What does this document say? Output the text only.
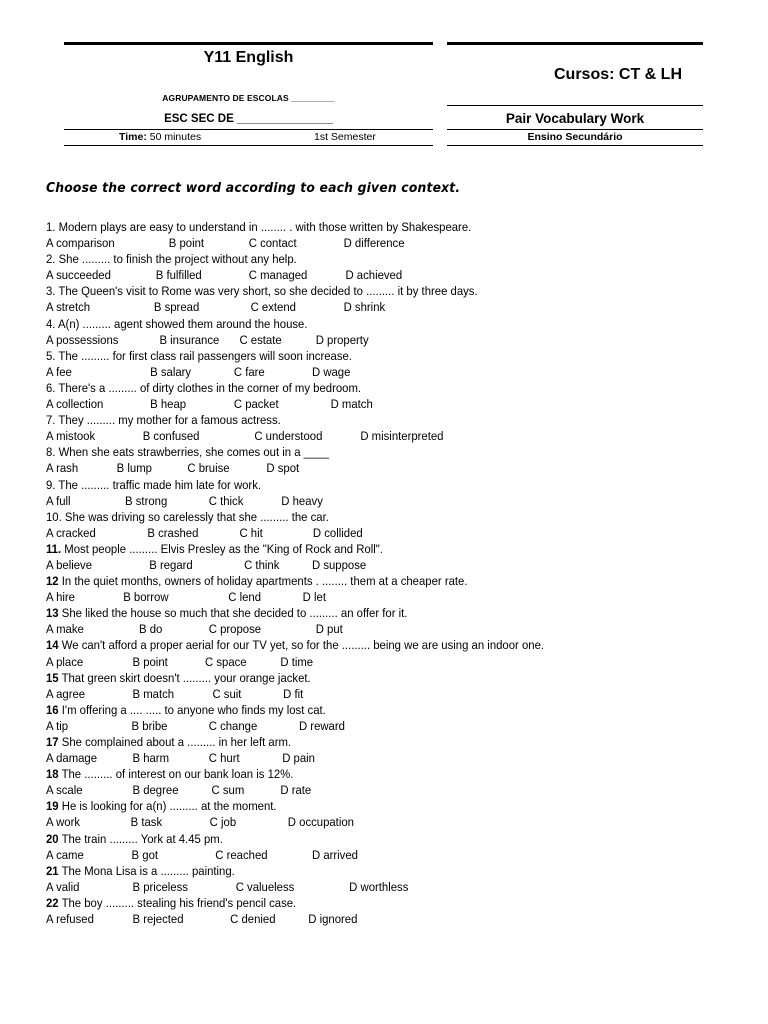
Y11 English
AGRUPAMENTO DE ESCOLAS _________
ESC SEC DE _______________
Time: 50 minutes	1st Semester
Cursos: CT & LH
Pair Vocabulary Work
Ensino Secundário
Choose the correct word according to each given context.
1. Modern plays are easy to understand in ........ . with those written by Shakespeare.
A comparison	B point	C contact	D difference
2. She ......... to finish the project without any help.
A succeeded	B fulfilled	C managed	D achieved
3. The Queen's visit to Rome was very short, so she decided to ......... it by three days.
A stretch	B spread	C extend	D shrink
4. A(n) ......... agent showed them around the house.
A possessions	B insurance C estate	D property
5. The ......... for first class rail passengers will soon increase.
A fee	B salary	C fare	D wage
6. There's a ......... of dirty clothes in the corner of my bedroom.
A collection	B heap	C packet	D match
7. They ......... my mother for a famous actress.
A mistook	B confused	C understood	D misinterpreted
8. When she eats strawberries, she comes out in a ____
A rash	B lump	C bruise	D spot
9. The ......... traffic made him late for work.
A full	B strong	C thick	D heavy
10. She was driving so carelessly that she ......... the car.
A cracked	B crashed	C hit	D collided
11. Most people ......... Elvis Presley as the "King of Rock and Roll".
A believe	B regard	C think	D suppose
12 In the quiet months, owners of holiday apartments . ........ them at a cheaper rate.
A hire	B borrow	C lend	D let
13 She liked the house so much that she decided to ......... an offer for it.
A make	B do	C propose	D put
14 We can't afford a proper aerial for our TV yet, so for the ......... being we are using an indoor one.
A place	B point	C space	D time
15 That green skirt doesn't ......... your orange jacket.
A agree	B match	C suit	D fit
16 I'm offering a .... ..... to anyone who finds my lost cat.
A tip	B bribe	C change	D reward
17 She complained about a ......... in her left arm.
A damage	B harm	C hurt	D pain
18 The ......... of interest on our bank loan is 12%.
A scale	B degree	C sum	D rate
19 He is looking for a(n) ......... at the moment.
A work	B task	C job	D occupation
20 The train ......... York at 4.45 pm.
A came	B got	C reached	D arrived
21 The Mona Lisa is a ......... painting.
A valid	B priceless	C valueless	D worthless
22 The boy ......... stealing his friend's pencil case.
A refused	B rejected	C denied	D ignored
